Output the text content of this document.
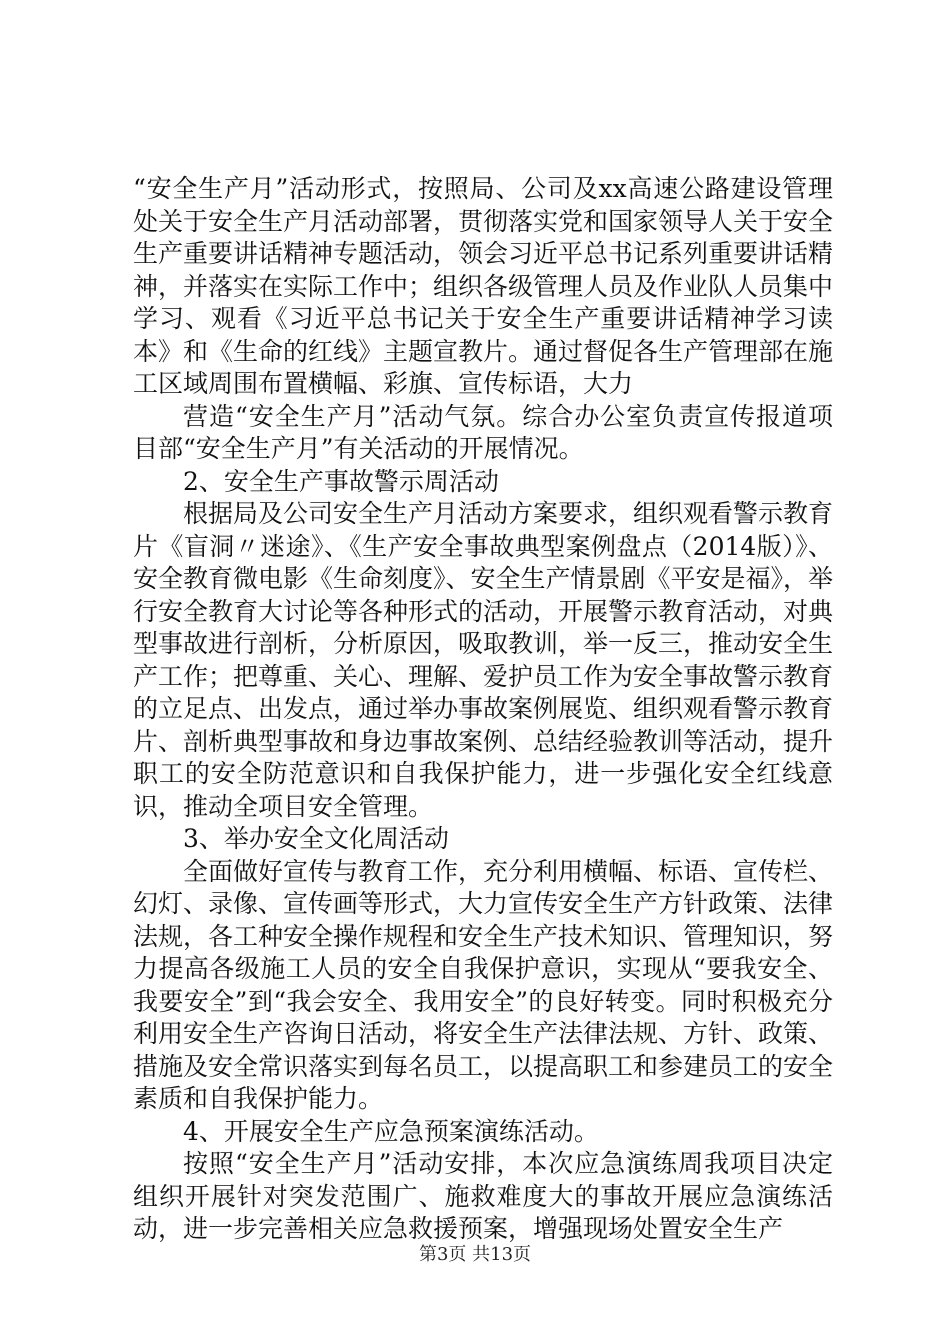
“安全生产月”活动形式，按照局、公司及xx高速公路建设管理处关于安全生产月活动部署，贯彻落实党和国家领导人关于安全生产重要讲话精神专题活动，领会习近平总书记系列重要讲话精神，并落实在实际工作中；组织各级管理人员及作业队人员集中学习、观看《习近平总书记关于安全生产重要讲话精神学习读本》和《生命的红线》主题宣教片。通过督促各生产管理部在施工区域周围布置横幅、彩旗、宣传标语，大力

营造“安全生产月”活动气氛。综合办公室负责宣传报道项目部“安全生产月”有关活动的开展情况。

2、安全生产事故警示周活动

根据局及公司安全生产月活动方案要求，组织观看警示教育片《盲洞〃迷途》、《生产安全事故典型案例盘点（2014版）》、安全教育微电影《生命刻度》、安全生产情景剧《平安是福》，举行安全教育大讨论等各种形式的活动，开展警示教育活动，对典型事故进行剖析，分析原因，吸取教训，举一反三，推动安全生产工作；把尊重、关心、理解、爱护员工作为安全事故警示教育的立足点、出发点，通过举办事故案例展览、组织观看警示教育片、剖析典型事故和身边事故案例、总结经验教训等活动，提升职工的安全防范意识和自我保护能力，进一步强化安全红线意识，推动全项目安全管理。

3、举办安全文化周活动

全面做好宣传与教育工作，充分利用横幅、标语、宣传栏、幻灯、录像、宣传画等形式，大力宣传安全生产方针政策、法律法规，各工种安全操作规程和安全生产技术知识、管理知识，努力提高各级施工人员的安全自我保护意识，实现从“要我安全、我要安全”到“我会安全、我用安全”的良好转变。同时积极充分利用安全生产咨询日活动，将安全生产法律法规、方针、政策、措施及安全常识落实到每名员工，以提高职工和参建员工的安全素质和自我保护能力。

4、开展安全生产应急预案演练活动。

按照“安全生产月”活动安排，本次应急演练周我项目决定组织开展针对突发范围广、施救难度大的事故开展应急演练活动，进一步完善相关应急救援预案，增强现场处置安全生产

第3页 共13页
